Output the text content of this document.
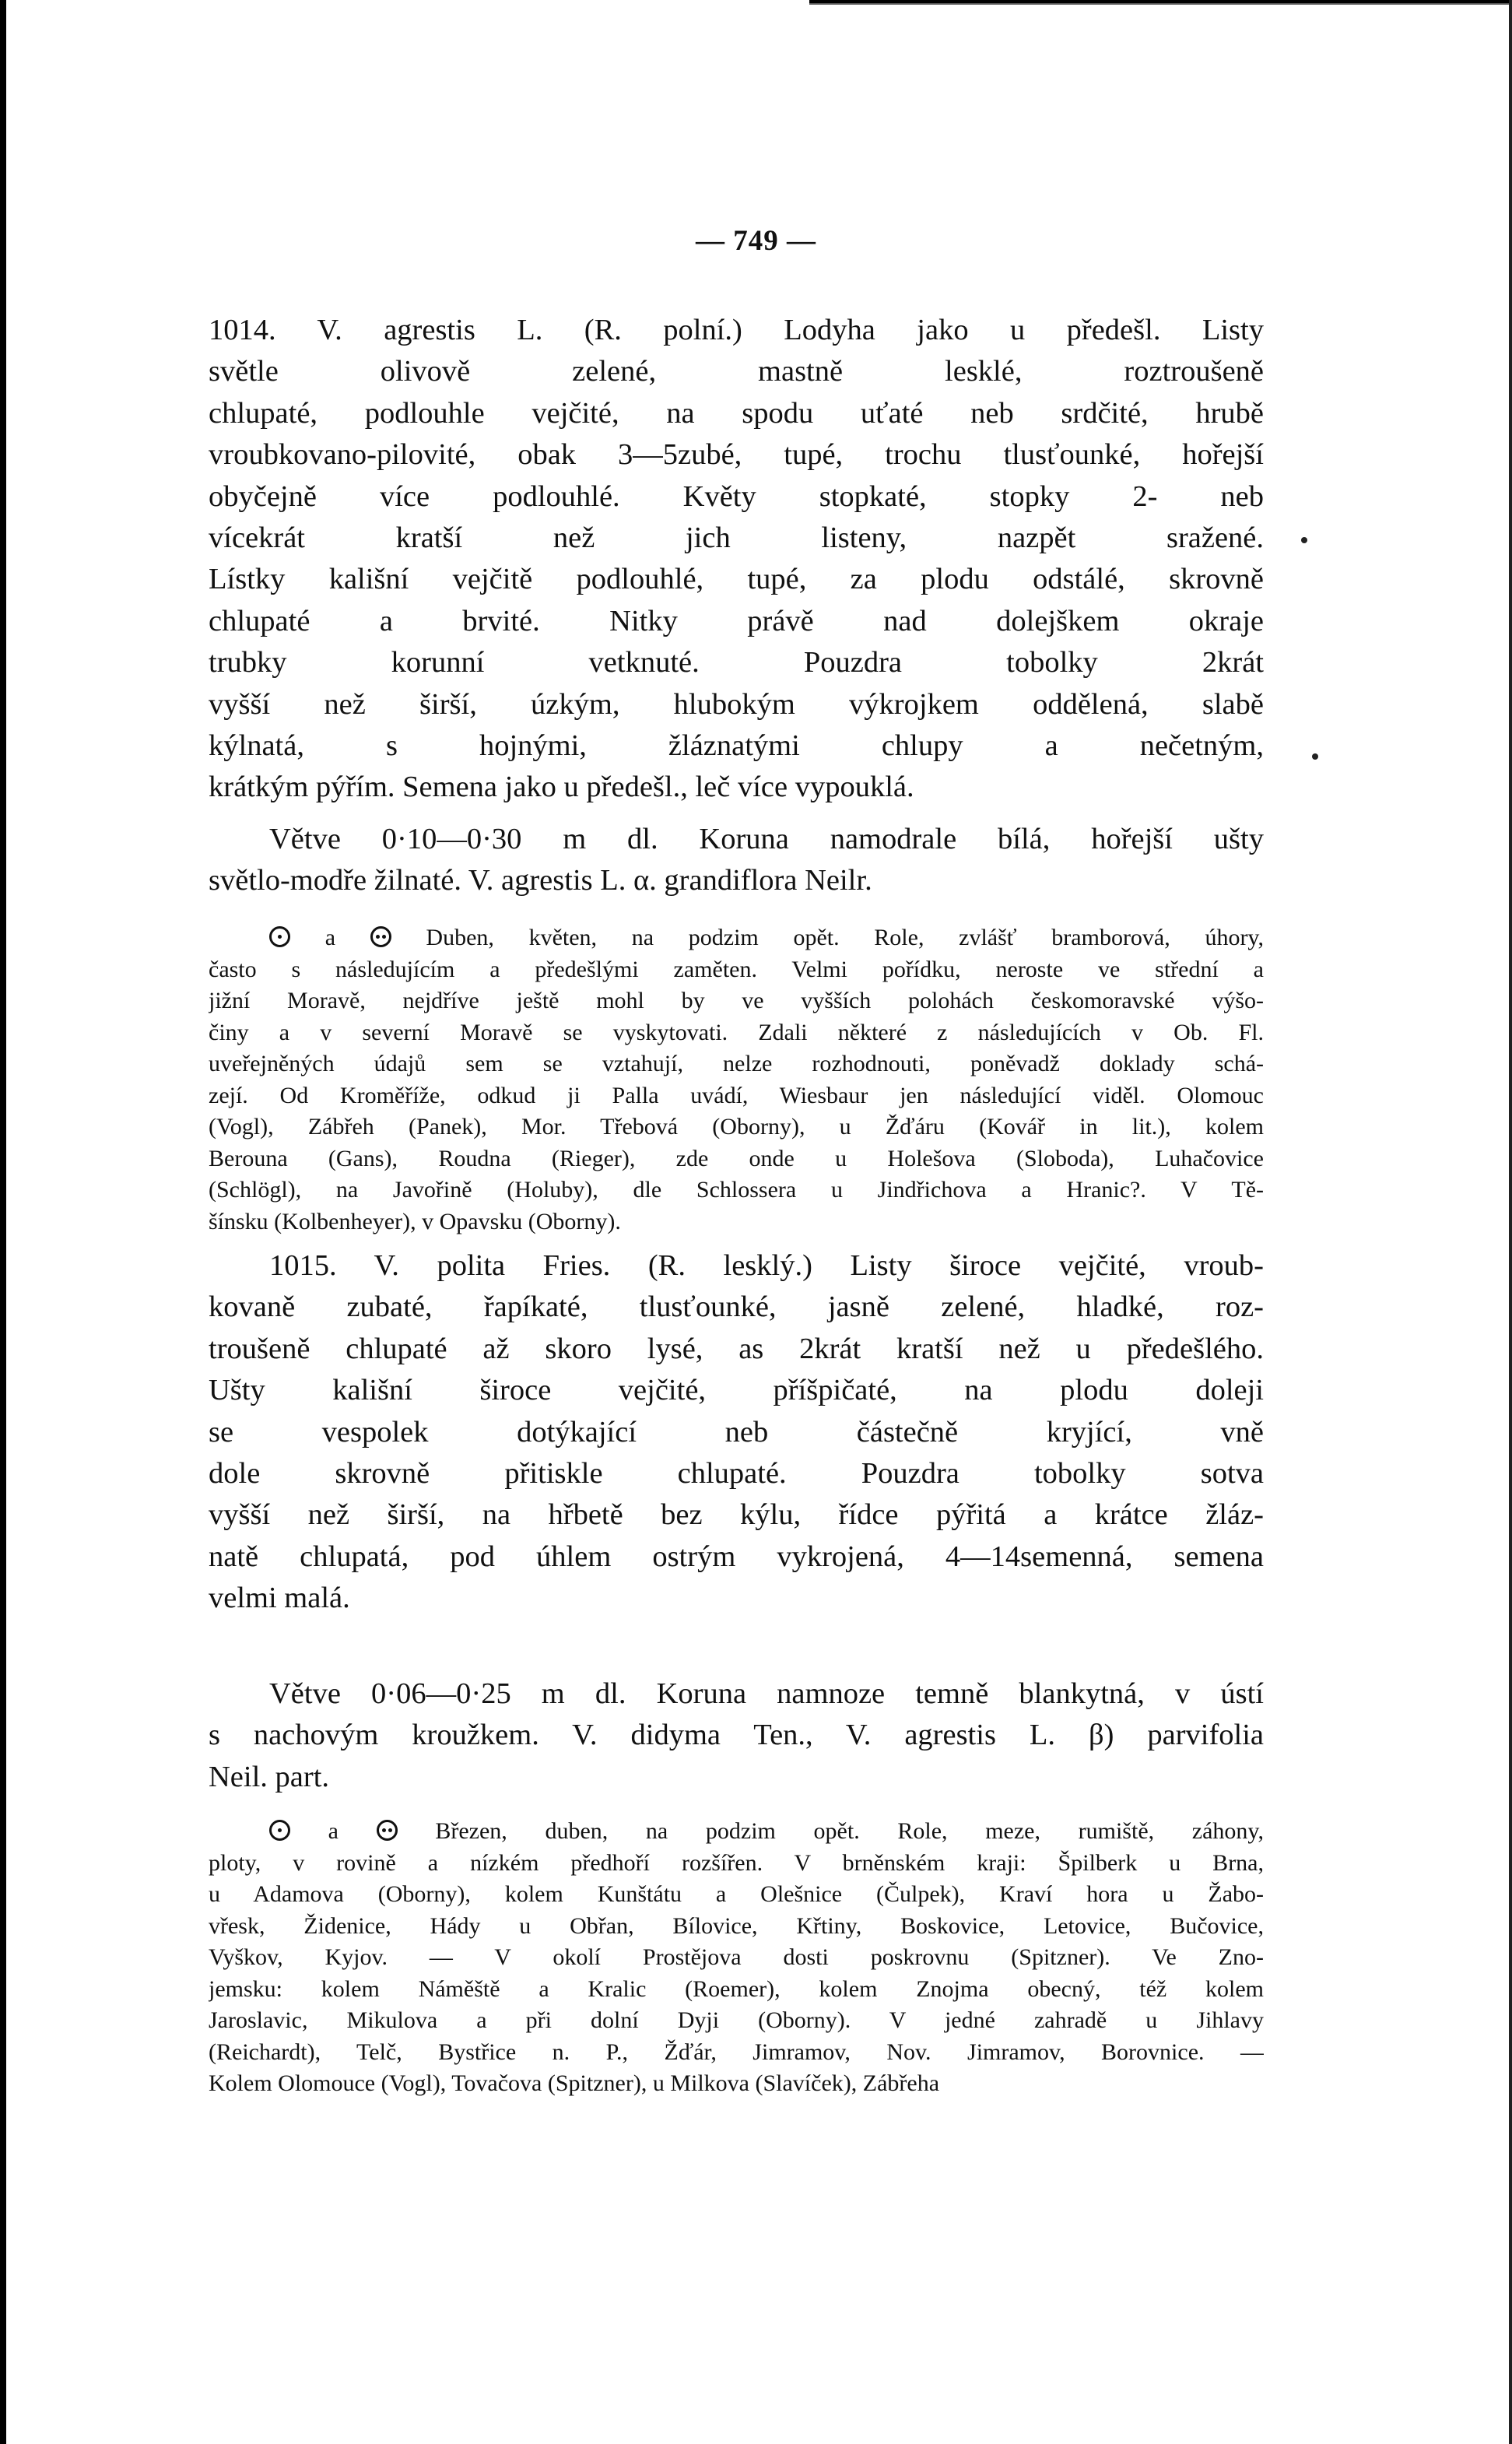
— 749 —
1014. V. agrestis L. (R. polní.) Lodyha jako u předešl. Listy
světle olivově zelené, mastně lesklé, roztroušeně
chlupaté, podlouhle vejčité, na spodu uťaté neb srdčité, hrubě
vroubkovano-pilovité, obak 3—5zubé, tupé, trochu tlusťounké, hořejší
obyčejně více podlouhlé. Květy stopkaté, stopky 2- neb
vícekrát kratší než jich listeny, nazpět sražené.
Lístky kališní vejčitě podlouhlé, tupé, za plodu odstálé, skrovně
chlupaté a brvité. Nitky právě nad dolejškem okraje
trubky korunní vetknuté. Pouzdra tobolky 2krát
vyšší než širší, úzkým, hlubokým výkrojkem oddělená, slabě
kýlnatá, s hojnými, žláznatými chlupy a nečetným,
krátkým pýřím. Semena jako u předešl., leč více vypouklá.
Větve 0·10—0·30 m dl. Koruna namodrale bílá, hořejší ušty
světlo-modře žilnaté. V. agrestis L. α. grandiflora Neilr.
a  Duben, květen, na podzim opět. Role, zvlášť bramborová, úhory,
často s následujícím a předešlými zaměten. Velmi pořídku, neroste ve střední a
jižní Moravě, nejdříve ještě mohl by ve vyšších polohách českomoravské výšo-
činy a v severní Moravě se vyskytovati. Zdali některé z následujících v Ob. Fl.
uveřejněných údajů sem se vztahují, nelze rozhodnouti, poněvadž doklady schá-
zejí. Od Kroměříže, odkud ji Palla uvádí, Wiesbaur jen následující viděl. Olomouc
(Vogl), Zábřeh (Panek), Mor. Třebová (Oborny), u Žďáru (Kovář in lit.), kolem
Berouna (Gans), Roudna (Rieger), zde onde u Holešova (Sloboda), Luhačovice
(Schlögl), na Javořině (Holuby), dle Schlossera u Jindřichova a Hranic?. V Tě-
šínsku (Kolbenheyer), v Opavsku (Oborny).
1015. V. polita Fries. (R. lesklý.) Listy široce vejčité, vroub-
kovaně zubaté, řapíkaté, tlusťounké, jasně zelené, hladké, roz-
troušeně chlupaté až skoro lysé, as 2krát kratší než u předešlého.
Ušty kališní široce vejčité, příšpičaté, na plodu doleji
se vespolek dotýkající neb částečně kryjící, vně
dole skrovně přitiskle chlupaté. Pouzdra tobolky sotva
vyšší než širší, na hřbetě bez kýlu, řídce pýřitá a krátce žláz-
natě chlupatá, pod úhlem ostrým vykrojená, 4—14semenná, semena
velmi malá.
Větve 0·06—0·25 m dl. Koruna namnoze temně blankytná, v ústí
s nachovým kroužkem. V. didyma Ten., V. agrestis L. β) parvifolia
Neil. part.
a  Březen, duben, na podzim opět. Role, meze, rumiště, záhony,
ploty, v rovině a nízkém předhoří rozšířen. V brněnském kraji: Špilberk u Brna,
u Adamova (Oborny), kolem Kunštátu a Olešnice (Čulpek), Kraví hora u Žabo-
vřesk, Židenice, Hády u Obřan, Bílovice, Křtiny, Boskovice, Letovice, Bučovice,
Vyškov, Kyjov. — V okolí Prostějova dosti poskrovnu (Spitzner). Ve Zno-
jemsku: kolem Náměště a Kralic (Roemer), kolem Znojma obecný, též kolem
Jaroslavic, Mikulova a při dolní Dyji (Oborny). V jedné zahradě u Jihlavy
(Reichardt), Telč, Bystřice n. P., Žďár, Jimramov, Nov. Jimramov, Borovnice. —
Kolem Olomouce (Vogl), Tovačova (Spitzner), u Milkova (Slavíček), Zábřeha
